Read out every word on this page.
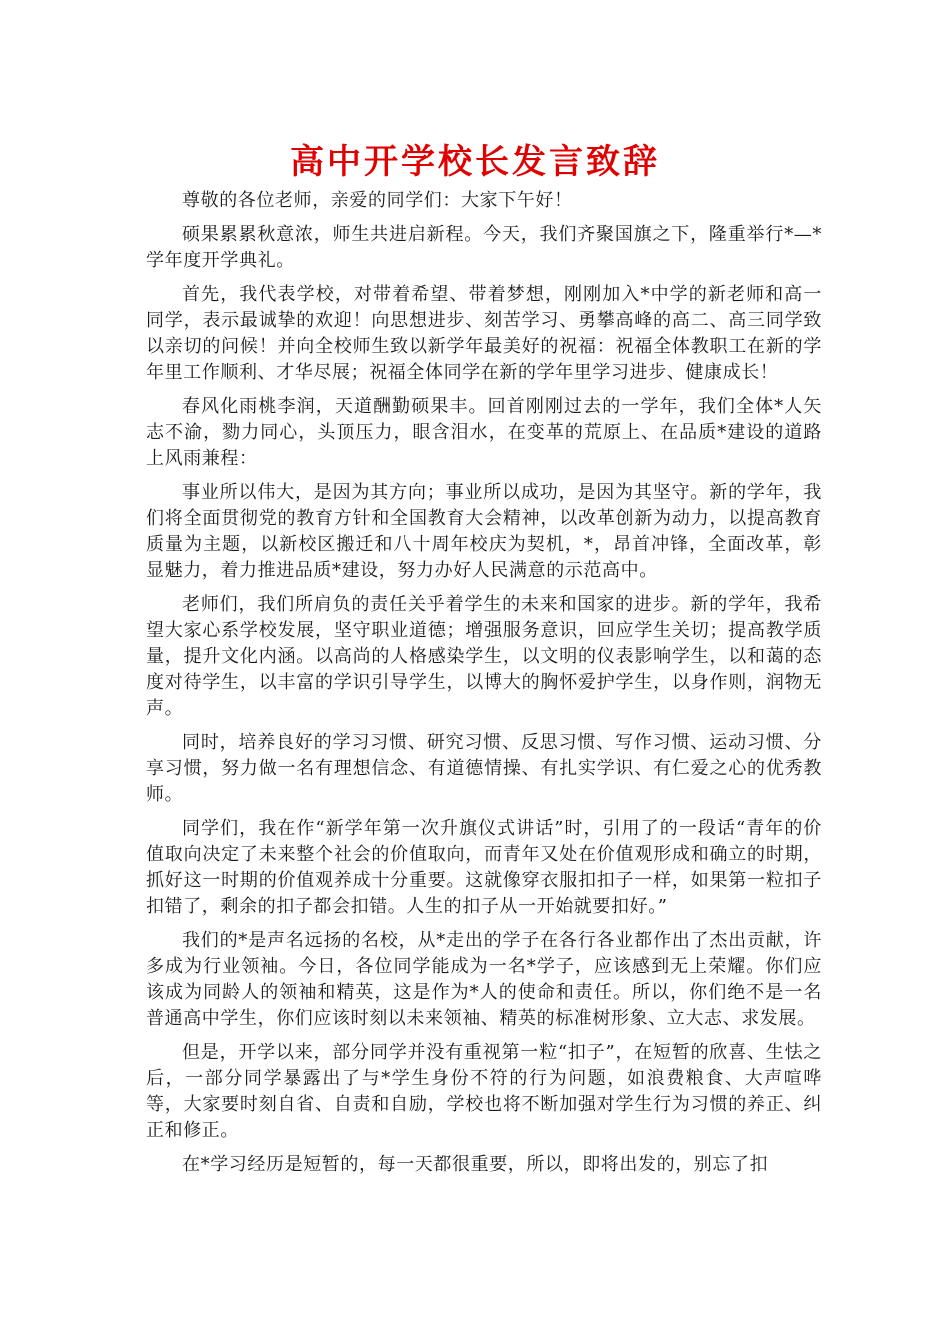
高中开学校长发言致辞

尊敬的各位老师，亲爱的同学们：大家下午好！

硕果累累秋意浓，师生共进启新程。今天，我们齐聚国旗之下，隆重举行*—*学年度开学典礼。

首先，我代表学校，对带着希望、带着梦想，刚刚加入*中学的新老师和高一同学，表示最诚挚的欢迎！向思想进步、刻苦学习、勇攀高峰的高二、高三同学致以亲切的问候！并向全校师生致以新学年最美好的祝福：祝福全体教职工在新的学年里工作顺利、才华尽展；祝福全体同学在新的学年里学习进步、健康成长！

春风化雨桃李润，天道酬勤硕果丰。回首刚刚过去的一学年，我们全体*人矢志不渝，勠力同心，头顶压力，眼含泪水，在变革的荒原上、在品质*建设的道路上风雨兼程：

事业所以伟大，是因为其方向；事业所以成功，是因为其坚守。新的学年，我们将全面贯彻党的教育方针和全国教育大会精神，以改革创新为动力，以提高教育质量为主题，以新校区搬迁和八十周年校庆为契机，*，昂首冲锋，全面改革，彰显魅力，着力推进品质*建设，努力办好人民满意的示范高中。

老师们，我们所肩负的责任关乎着学生的未来和国家的进步。新的学年，我希望大家心系学校发展，坚守职业道德；增强服务意识，回应学生关切；提高教学质量，提升文化内涵。以高尚的人格感染学生，以文明的仪表影响学生，以和蔼的态度对待学生，以丰富的学识引导学生，以博大的胸怀爱护学生，以身作则，润物无声。

同时，培养良好的学习习惯、研究习惯、反思习惯、写作习惯、运动习惯、分享习惯，努力做一名有理想信念、有道德情操、有扎实学识、有仁爱之心的优秀教师。

同学们，我在作“新学年第一次升旗仪式讲话”时，引用了的一段话“青年的价值取向决定了未来整个社会的价值取向，而青年又处在价值观形成和确立的时期，抓好这一时期的价值观养成十分重要。这就像穿衣服扣扣子一样，如果第一粒扣子扣错了，剩余的扣子都会扣错。人生的扣子从一开始就要扣好。”

我们的*是声名远扬的名校，从*走出的学子在各行各业都作出了杰出贡献，许多成为行业领袖。今日，各位同学能成为一名*学子，应该感到无上荣耀。你们应该成为同龄人的领袖和精英，这是作为*人的使命和责任。所以，你们绝不是一名普通高中学生，你们应该时刻以未来领袖、精英的标准树形象、立大志、求发展。

但是，开学以来，部分同学并没有重视第一粒“扣子”，在短暂的欣喜、生怯之后，一部分同学暴露出了与*学生身份不符的行为问题，如浪费粮食、大声喧哗等，大家要时刻自省、自责和自励，学校也将不断加强对学生行为习惯的养正、纠正和修正。

在*学习经历是短暂的，每一天都很重要，所以，即将出发的，别忘了扣
